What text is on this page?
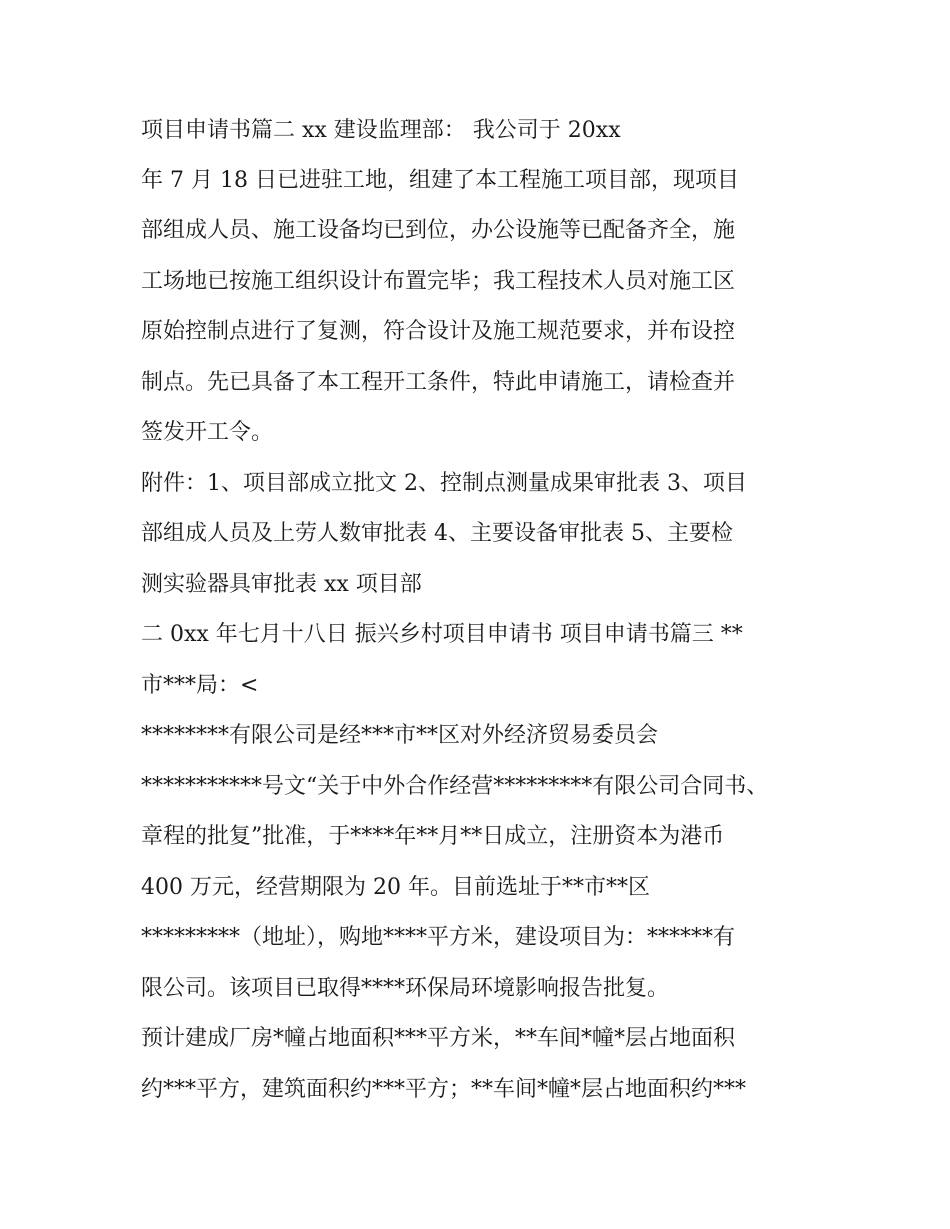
项目申请书篇二 xx 建设监理部： 我公司于 20xx
年 7 月 18 日已进驻工地，组建了本工程施工项目部，现项目
部组成人员、施工设备均已到位，办公设施等已配备齐全，施
工场地已按施工组织设计布置完毕；我工程技术人员对施工区
原始控制点进行了复测，符合设计及施工规范要求，并布设控
制点。先已具备了本工程开工条件，特此申请施工，请检查并
签发开工令。
附件：1、项目部成立批文 2、控制点测量成果审批表 3、项目
部组成人员及上劳人数审批表 4、主要设备审批表 5、主要检
测实验器具审批表 xx 项目部
二 0xx 年七月十八日 振兴乡村项目申请书 项目申请书篇三 **
市***局：<
********有限公司是经***市**区对外经济贸易委员会
***********号文“关于中外合作经营*********有限公司合同书、
章程的批复”批准，于****年**月**日成立，注册资本为港币
400 万元，经营期限为 20 年。目前选址于**市**区
*********（地址），购地****平方米，建设项目为：******有
限公司。该项目已取得****环保局环境影响报告批复。
预计建成厂房*幢占地面积***平方米，**车间*幢*层占地面积
约***平方，建筑面积约***平方；**车间*幢*层占地面积约***
